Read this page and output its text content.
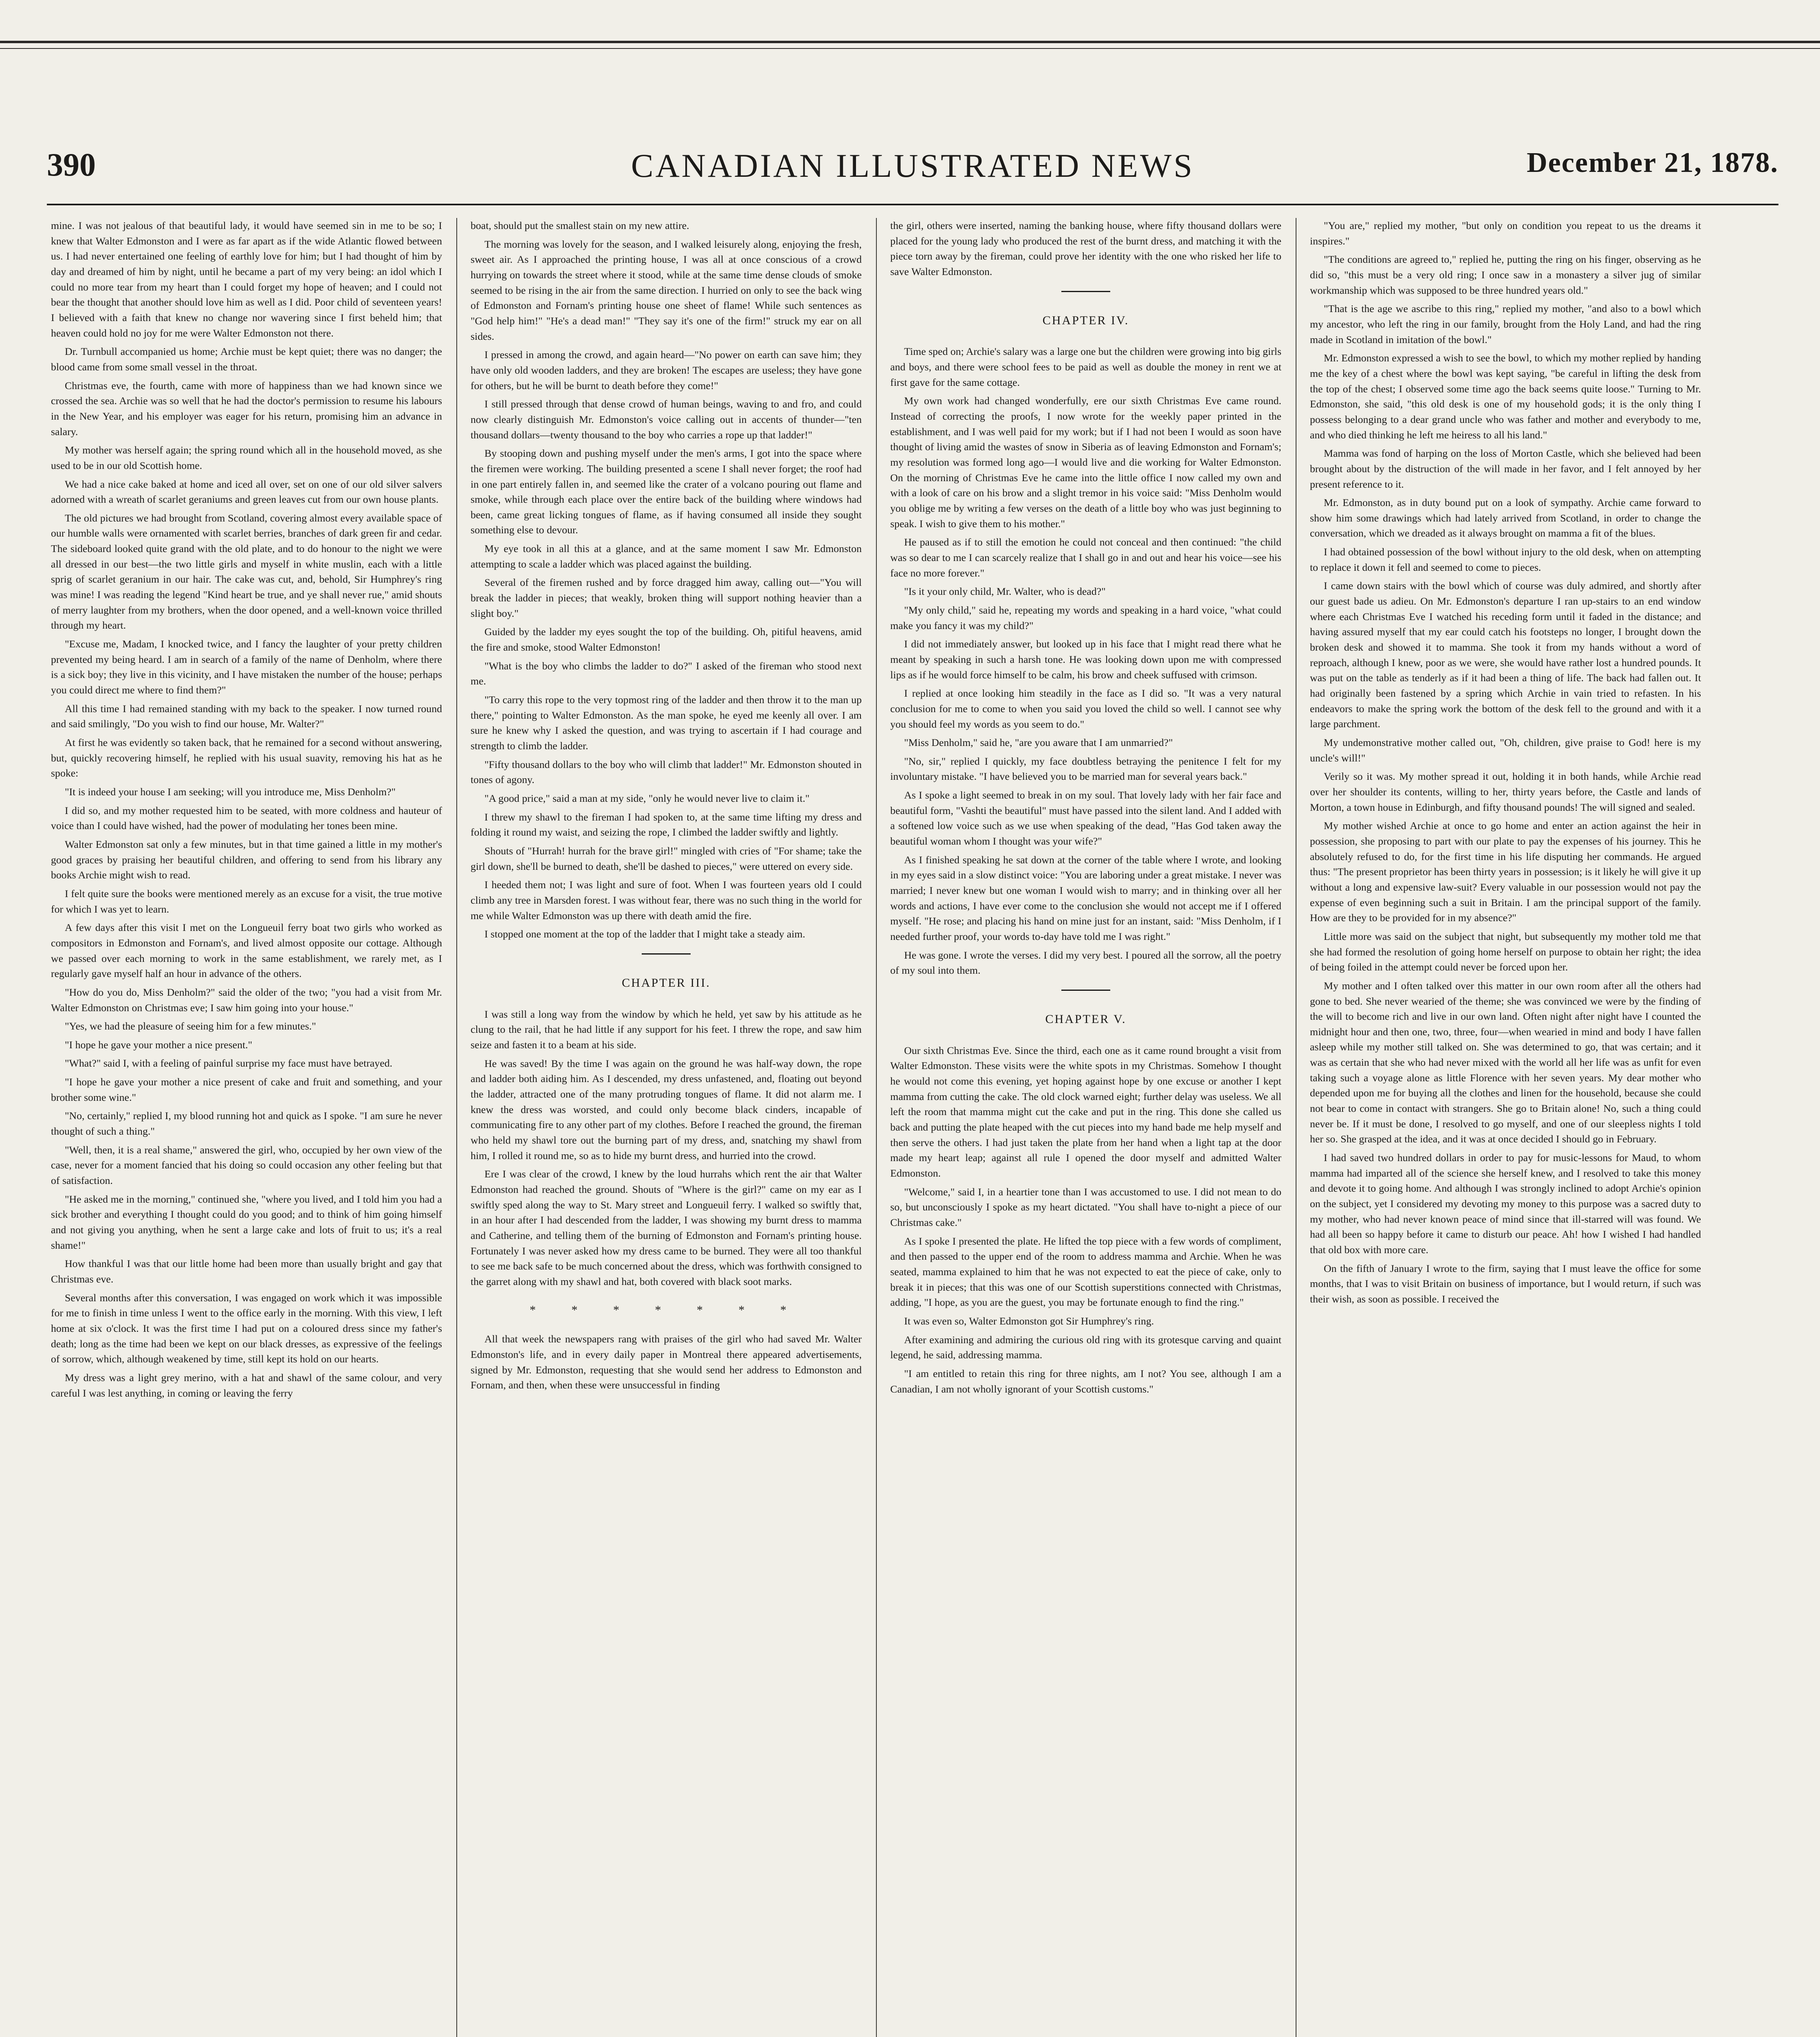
390	CANADIAN ILLUSTRATED NEWS	December 21, 1878.

mine. I was not jealous of that beautiful lady, it would have seemed sin in me to be so; I knew that Walter Edmonston and I were as far apart as if the wide Atlantic flowed between us. I had never entertained one feeling of earthly love for him; but I had thought of him by day and dreamed of him by night, until he became a part of my very being: an idol which I could no more tear from my heart than I could forget my hope of heaven; and I could not bear the thought that another should love him as well as I did. Poor child of seventeen years! I believed with a faith that knew no change nor wavering since I first beheld him; that heaven could hold no joy for me were Walter Edmonston not there.

Dr. Turnbull accompanied us home; Archie must be kept quiet; there was no danger; the blood came from some small vessel in the throat.

Christmas eve, the fourth, came with more of happiness than we had known since we crossed the sea. Archie was so well that he had the doctor's permission to resume his labours in the New Year, and his employer was eager for his return, promising him an advance in salary.

My mother was herself again; the spring round which all in the household moved, as she used to be in our old Scottish home.

We had a nice cake baked at home and iced all over, set on one of our old silver salvers adorned with a wreath of scarlet geraniums and green leaves cut from our own house plants.

The old pictures we had brought from Scotland, covering almost every available space of our humble walls were ornamented with scarlet berries, branches of dark green fir and cedar. The sideboard looked quite grand with the old plate, and to do honour to the night we were all dressed in our best—the two little girls and myself in white muslin, each with a little sprig of scarlet geranium in our hair. The cake was cut, and, behold, Sir Humphrey's ring was mine! I was reading the legend "Kind heart be true, and ye shall never rue," amid shouts of merry laughter from my brothers, when the door opened, and a well-known voice thrilled through my heart.

"Excuse me, Madam, I knocked twice, and I fancy the laughter of your pretty children prevented my being heard. I am in search of a family of the name of Denholm, where there is a sick boy; they live in this vicinity, and I have mistaken the number of the house; perhaps you could direct me where to find them?"

All this time I had remained standing with my back to the speaker. I now turned round and said smilingly, "Do you wish to find our house, Mr. Walter?"

At first he was evidently so taken back, that he remained for a second without answering, but, quickly recovering himself, he replied with his usual suavity, removing his hat as he spoke:

"It is indeed your house I am seeking; will you introduce me, Miss Denholm?"

I did so, and my mother requested him to be seated, with more coldness and hauteur of voice than I could have wished, had the power of modulating her tones been mine.

Walter Edmonston sat only a few minutes, but in that time gained a little in my mother's good graces by praising her beautiful children, and offering to send from his library any books Archie might wish to read.

I felt quite sure the books were mentioned merely as an excuse for a visit, the true motive for which I was yet to learn.

A few days after this visit I met on the Longueuil ferry boat two girls who worked as compositors in Edmonston and Fornam's, and lived almost opposite our cottage. Although we passed over each morning to work in the same establishment, we rarely met, as I regularly gave myself half an hour in advance of the others.

"How do you do, Miss Denholm?" said the older of the two; "you had a visit from Mr. Walter Edmonston on Christmas eve; I saw him going into your house."

"Yes, we had the pleasure of seeing him for a few minutes."

"I hope he gave your mother a nice present."

"What?" said I, with a feeling of painful surprise my face must have betrayed.

"I hope he gave your mother a nice present of cake and fruit and something, and your brother some wine."

"No, certainly," replied I, my blood running hot and quick as I spoke. "I am sure he never thought of such a thing."

"Well, then, it is a real shame," answered the girl, who, occupied by her own view of the case, never for a moment fancied that his doing so could occasion any other feeling but that of satisfaction.

"He asked me in the morning," continued she, "where you lived, and I told him you had a sick brother and everything I thought could do you good; and to think of him going himself and not giving you anything, when he sent a large cake and lots of fruit to us; it's a real shame!"

How thankful I was that our little home had been more than usually bright and gay that Christmas eve.

Several months after this conversation, I was engaged on work which it was impossible for me to finish in time unless I went to the office early in the morning. With this view, I left home at six o'clock. It was the first time I had put on a coloured dress since my father's death; long as the time had been we kept on our black dresses, as expressive of the feelings of sorrow, which, although weakened by time, still kept its hold on our hearts.

My dress was a light grey merino, with a hat and shawl of the same colour, and very careful I was lest anything, in coming or leaving the ferry

boat, should put the smallest stain on my new attire.

The morning was lovely for the season, and I walked leisurely along, enjoying the fresh, sweet air. As I approached the printing house, I was all at once conscious of a crowd hurrying on towards the street where it stood, while at the same time dense clouds of smoke seemed to be rising in the air from the same direction. I hurried on only to see the back wing of Edmonston and Fornam's printing house one sheet of flame! While such sentences as "God help him!" "He's a dead man!" "They say it's one of the firm!" struck my ear on all sides.

I pressed in among the crowd, and again heard—"No power on earth can save him; they have only old wooden ladders, and they are broken! The escapes are useless; they have gone for others, but he will be burnt to death before they come!"

I still pressed through that dense crowd of human beings, waving to and fro, and could now clearly distinguish Mr. Edmonston's voice calling out in accents of thunder—"ten thousand dollars—twenty thousand to the boy who carries a rope up that ladder!"

By stooping down and pushing myself under the men's arms, I got into the space where the firemen were working. The building presented a scene I shall never forget; the roof had in one part entirely fallen in, and seemed like the crater of a volcano pouring out flame and smoke, while through each place over the entire back of the building where windows had been, came great licking tongues of flame, as if having consumed all inside they sought something else to devour.

My eye took in all this at a glance, and at the same moment I saw Mr. Edmonston attempting to scale a ladder which was placed against the building.

Several of the firemen rushed and by force dragged him away, calling out—"You will break the ladder in pieces; that weakly, broken thing will support nothing heavier than a slight boy."

Guided by the ladder my eyes sought the top of the building. Oh, pitiful heavens, amid the fire and smoke, stood Walter Edmonston!

"What is the boy who climbs the ladder to do?" I asked of the fireman who stood next me.

"To carry this rope to the very topmost ring of the ladder and then throw it to the man up there," pointing to Walter Edmonston. As the man spoke, he eyed me keenly all over. I am sure he knew why I asked the question, and was trying to ascertain if I had courage and strength to climb the ladder.

"Fifty thousand dollars to the boy who will climb that ladder!" Mr. Edmonston shouted in tones of agony.

"A good price," said a man at my side, "only he would never live to claim it."

I threw my shawl to the fireman I had spoken to, at the same time lifting my dress and folding it round my waist, and seizing the rope, I climbed the ladder swiftly and lightly.

Shouts of "Hurrah! hurrah for the brave girl!" mingled with cries of "For shame; take the girl down, she'll be burned to death, she'll be dashed to pieces," were uttered on every side.

I heeded them not; I was light and sure of foot. When I was fourteen years old I could climb any tree in Marsden forest. I was without fear, there was no such thing in the world for me while Walter Edmonston was up there with death amid the fire.

I stopped one moment at the top of the ladder that I might take a steady aim.

CHAPTER III.

I was still a long way from the window by which he held, yet saw by his attitude as he clung to the rail, that he had little if any support for his feet. I threw the rope, and saw him seize and fasten it to a beam at his side.

He was saved! By the time I was again on the ground he was half-way down, the rope and ladder both aiding him. As I descended, my dress unfastened, and, floating out beyond the ladder, attracted one of the many protruding tongues of flame. It did not alarm me. I knew the dress was worsted, and could only become black cinders, incapable of communicating fire to any other part of my clothes. Before I reached the ground, the fireman who held my shawl tore out the burning part of my dress, and, snatching my shawl from him, I rolled it round me, so as to hide my burnt dress, and hurried into the crowd.

Ere I was clear of the crowd, I knew by the loud hurrahs which rent the air that Walter Edmonston had reached the ground. Shouts of "Where is the girl?" came on my ear as I swiftly sped along the way to St. Mary street and Longueuil ferry. I walked so swiftly that, in an hour after I had descended from the ladder, I was showing my burnt dress to mamma and Catherine, and telling them of the burning of Edmonston and Fornam's printing house. Fortunately I was never asked how my dress came to be burned. They were all too thankful to see me back safe to be much concerned about the dress, which was forthwith consigned to the garret along with my shawl and hat, both covered with black soot marks.

* * * * * * *

All that week the newspapers rang with praises of the girl who had saved Mr. Walter Edmonston's life, and in every daily paper in Montreal there appeared advertisements, signed by Mr. Edmonston, requesting that she would send her address to Edmonston and Fornam, and then, when these were unsuccessful in finding

the girl, others were inserted, naming the banking house, where fifty thousand dollars were placed for the young lady who produced the rest of the burnt dress, and matching it with the piece torn away by the fireman, could prove her identity with the one who risked her life to save Walter Edmonston.

CHAPTER IV.

Time sped on; Archie's salary was a large one but the children were growing into big girls and boys, and there were school fees to be paid as well as double the money in rent we at first gave for the same cottage.

My own work had changed wonderfully, ere our sixth Christmas Eve came round. Instead of correcting the proofs, I now wrote for the weekly paper printed in the establishment, and I was well paid for my work; but if I had not been I would as soon have thought of living amid the wastes of snow in Siberia as of leaving Edmonston and Fornam's; my resolution was formed long ago—I would live and die working for Walter Edmonston. On the morning of Christmas Eve he came into the little office I now called my own and with a look of care on his brow and a slight tremor in his voice said: "Miss Denholm would you oblige me by writing a few verses on the death of a little boy who was just beginning to speak. I wish to give them to his mother."

He paused as if to still the emotion he could not conceal and then continued: "the child was so dear to me I can scarcely realize that I shall go in and out and hear his voice—see his face no more forever."

"Is it your only child, Mr. Walter, who is dead?"

"My only child," said he, repeating my words and speaking in a hard voice, "what could make you fancy it was my child?"

I did not immediately answer, but looked up in his face that I might read there what he meant by speaking in such a harsh tone. He was looking down upon me with compressed lips as if he would force himself to be calm, his brow and cheek suffused with crimson.

I replied at once looking him steadily in the face as I did so. "It was a very natural conclusion for me to come to when you said you loved the child so well. I cannot see why you should feel my words as you seem to do."

"Miss Denholm," said he, "are you aware that I am unmarried?"

"No, sir," replied I quickly, my face doubtless betraying the penitence I felt for my involuntary mistake. "I have believed you to be married man for several years back."

As I spoke a light seemed to break in on my soul. That lovely lady with her fair face and beautiful form, "Vashti the beautiful" must have passed into the silent land. And I added with a softened low voice such as we use when speaking of the dead, "Has God taken away the beautiful woman whom I thought was your wife?"

As I finished speaking he sat down at the corner of the table where I wrote, and looking in my eyes said in a slow distinct voice: "You are laboring under a great mistake. I never was married; I never knew but one woman I would wish to marry; and in thinking over all her words and actions, I have ever come to the conclusion she would not accept me if I offered myself. "He rose; and placing his hand on mine just for an instant, said: "Miss Denholm, if I needed further proof, your words to-day have told me I was right."

He was gone. I wrote the verses. I did my very best. I poured all the sorrow, all the poetry of my soul into them.

CHAPTER V.

Our sixth Christmas Eve. Since the third, each one as it came round brought a visit from Walter Edmonston. These visits were the white spots in my Christmas. Somehow I thought he would not come this evening, yet hoping against hope by one excuse or another I kept mamma from cutting the cake. The old clock warned eight; further delay was useless. We all left the room that mamma might cut the cake and put in the ring. This done she called us back and putting the plate heaped with the cut pieces into my hand bade me help myself and then serve the others. I had just taken the plate from her hand when a light tap at the door made my heart leap; against all rule I opened the door myself and admitted Walter Edmonston.

"Welcome," said I, in a heartier tone than I was accustomed to use. I did not mean to do so, but unconsciously I spoke as my heart dictated. "You shall have to-night a piece of our Christmas cake."

As I spoke I presented the plate. He lifted the top piece with a few words of compliment, and then passed to the upper end of the room to address mamma and Archie. When he was seated, mamma explained to him that he was not expected to eat the piece of cake, only to break it in pieces; that this was one of our Scottish superstitions connected with Christmas, adding, "I hope, as you are the guest, you may be fortunate enough to find the ring."

It was even so, Walter Edmonston got Sir Humphrey's ring.

After examining and admiring the curious old ring with its grotesque carving and quaint legend, he said, addressing mamma.

"I am entitled to retain this ring for three nights, am I not? You see, although I am a Canadian, I am not wholly ignorant of your Scottish customs."

"You are," replied my mother, "but only on condition you repeat to us the dreams it inspires."

"The conditions are agreed to," replied he, putting the ring on his finger, observing as he did so, "this must be a very old ring; I once saw in a monastery a silver jug of similar workmanship which was supposed to be three hundred years old."

"That is the age we ascribe to this ring," replied my mother, "and also to a bowl which my ancestor, who left the ring in our family, brought from the Holy Land, and had the ring made in Scotland in imitation of the bowl."

Mr. Edmonston expressed a wish to see the bowl, to which my mother replied by handing me the key of a chest where the bowl was kept saying, "be careful in lifting the desk from the top of the chest; I observed some time ago the back seems quite loose." Turning to Mr. Edmonston, she said, "this old desk is one of my household gods; it is the only thing I possess belonging to a dear grand uncle who was father and mother and everybody to me, and who died thinking he left me heiress to all his land."

Mamma was fond of harping on the loss of Morton Castle, which she believed had been brought about by the distruction of the will made in her favor, and I felt annoyed by her present reference to it.

Mr. Edmonston, as in duty bound put on a look of sympathy. Archie came forward to show him some drawings which had lately arrived from Scotland, in order to change the conversation, which we dreaded as it always brought on mamma a fit of the blues.

I had obtained possession of the bowl without injury to the old desk, when on attempting to replace it down it fell and seemed to come to pieces.

I came down stairs with the bowl which of course was duly admired, and shortly after our guest bade us adieu. On Mr. Edmonston's departure I ran up-stairs to an end window where each Christmas Eve I watched his receding form until it faded in the distance; and having assured myself that my ear could catch his footsteps no longer, I brought down the broken desk and showed it to mamma. She took it from my hands without a word of reproach, although I knew, poor as we were, she would have rather lost a hundred pounds. It was put on the table as tenderly as if it had been a thing of life. The back had fallen out. It had originally been fastened by a spring which Archie in vain tried to refasten. In his endeavors to make the spring work the bottom of the desk fell to the ground and with it a large parchment.

My undemonstrative mother called out, "Oh, children, give praise to God! here is my uncle's will!"

Verily so it was. My mother spread it out, holding it in both hands, while Archie read over her shoulder its contents, willing to her, thirty years before, the Castle and lands of Morton, a town house in Edinburgh, and fifty thousand pounds! The will signed and sealed.

My mother wished Archie at once to go home and enter an action against the heir in possession, she proposing to part with our plate to pay the expenses of his journey. This he absolutely refused to do, for the first time in his life disputing her commands. He argued thus: "The present proprietor has been thirty years in possession; is it likely he will give it up without a long and expensive law-suit? Every valuable in our possession would not pay the expense of even beginning such a suit in Britain. I am the principal support of the family. How are they to be provided for in my absence?"

Little more was said on the subject that night, but subsequently my mother told me that she had formed the resolution of going home herself on purpose to obtain her right; the idea of being foiled in the attempt could never be forced upon her.

My mother and I often talked over this matter in our own room after all the others had gone to bed. She never wearied of the theme; she was convinced we were by the finding of the will to become rich and live in our own land. Often night after night have I counted the midnight hour and then one, two, three, four—when wearied in mind and body I have fallen asleep while my mother still talked on. She was determined to go, that was certain; and it was as certain that she who had never mixed with the world all her life was as unfit for even taking such a voyage alone as little Florence with her seven years. My dear mother who depended upon me for buying all the clothes and linen for the household, because she could not bear to come in contact with strangers. She go to Britain alone! No, such a thing could never be. If it must be done, I resolved to go myself, and one of our sleepless nights I told her so. She grasped at the idea, and it was at once decided I should go in February.

I had saved two hundred dollars in order to pay for music-lessons for Maud, to whom mamma had imparted all of the science she herself knew, and I resolved to take this money and devote it to going home. And although I was strongly inclined to adopt Archie's opinion on the subject, yet I considered my devoting my money to this purpose was a sacred duty to my mother, who had never known peace of mind since that ill-starred will was found. We had all been so happy before it came to disturb our peace. Ah! how I wished I had handled that old box with more care.

On the fifth of January I wrote to the firm, saying that I must leave the office for some months, that I was to visit Britain on business of importance, but I would return, if such was their wish, as soon as possible. I received the
